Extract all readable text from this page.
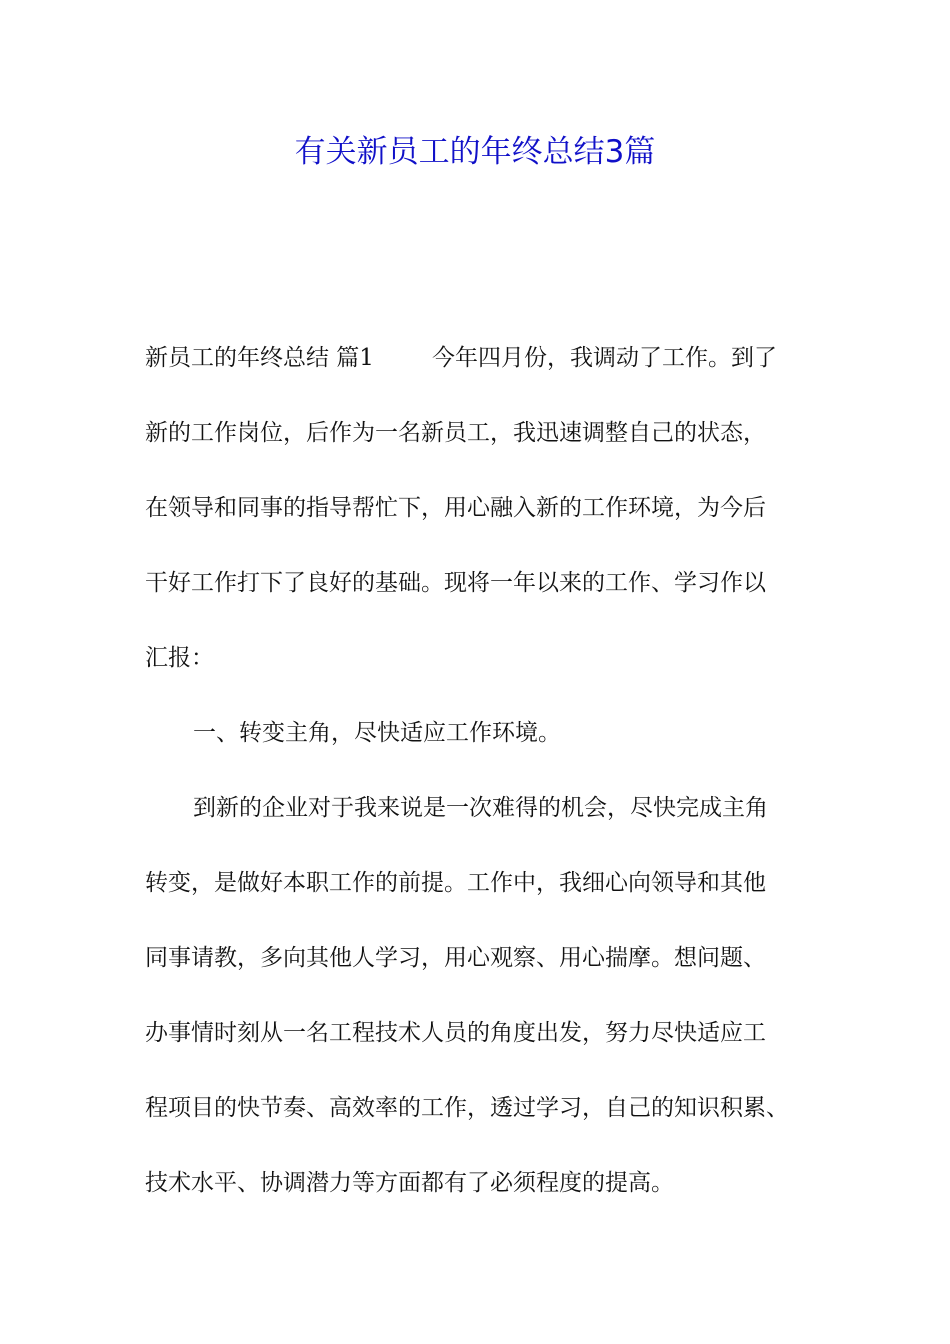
有关新员工的年终总结3篇

新员工的年终总结 篇1	今年四月份，我调动了工作。到了

新的工作岗位，后作为一名新员工，我迅速调整自己的状态，

在领导和同事的指导帮忙下，用心融入新的工作环境，为今后

干好工作打下了良好的基础。现将一年以来的工作、学习作以

汇报：

一、转变主角，尽快适应工作环境。

到新的企业对于我来说是一次难得的机会，尽快完成主角

转变，是做好本职工作的前提。工作中，我细心向领导和其他

同事请教，多向其他人学习，用心观察、用心揣摩。想问题、

办事情时刻从一名工程技术人员的角度出发，努力尽快适应工

程项目的快节奏、高效率的工作，透过学习，自己的知识积累、

技术水平、协调潜力等方面都有了必须程度的提高。
